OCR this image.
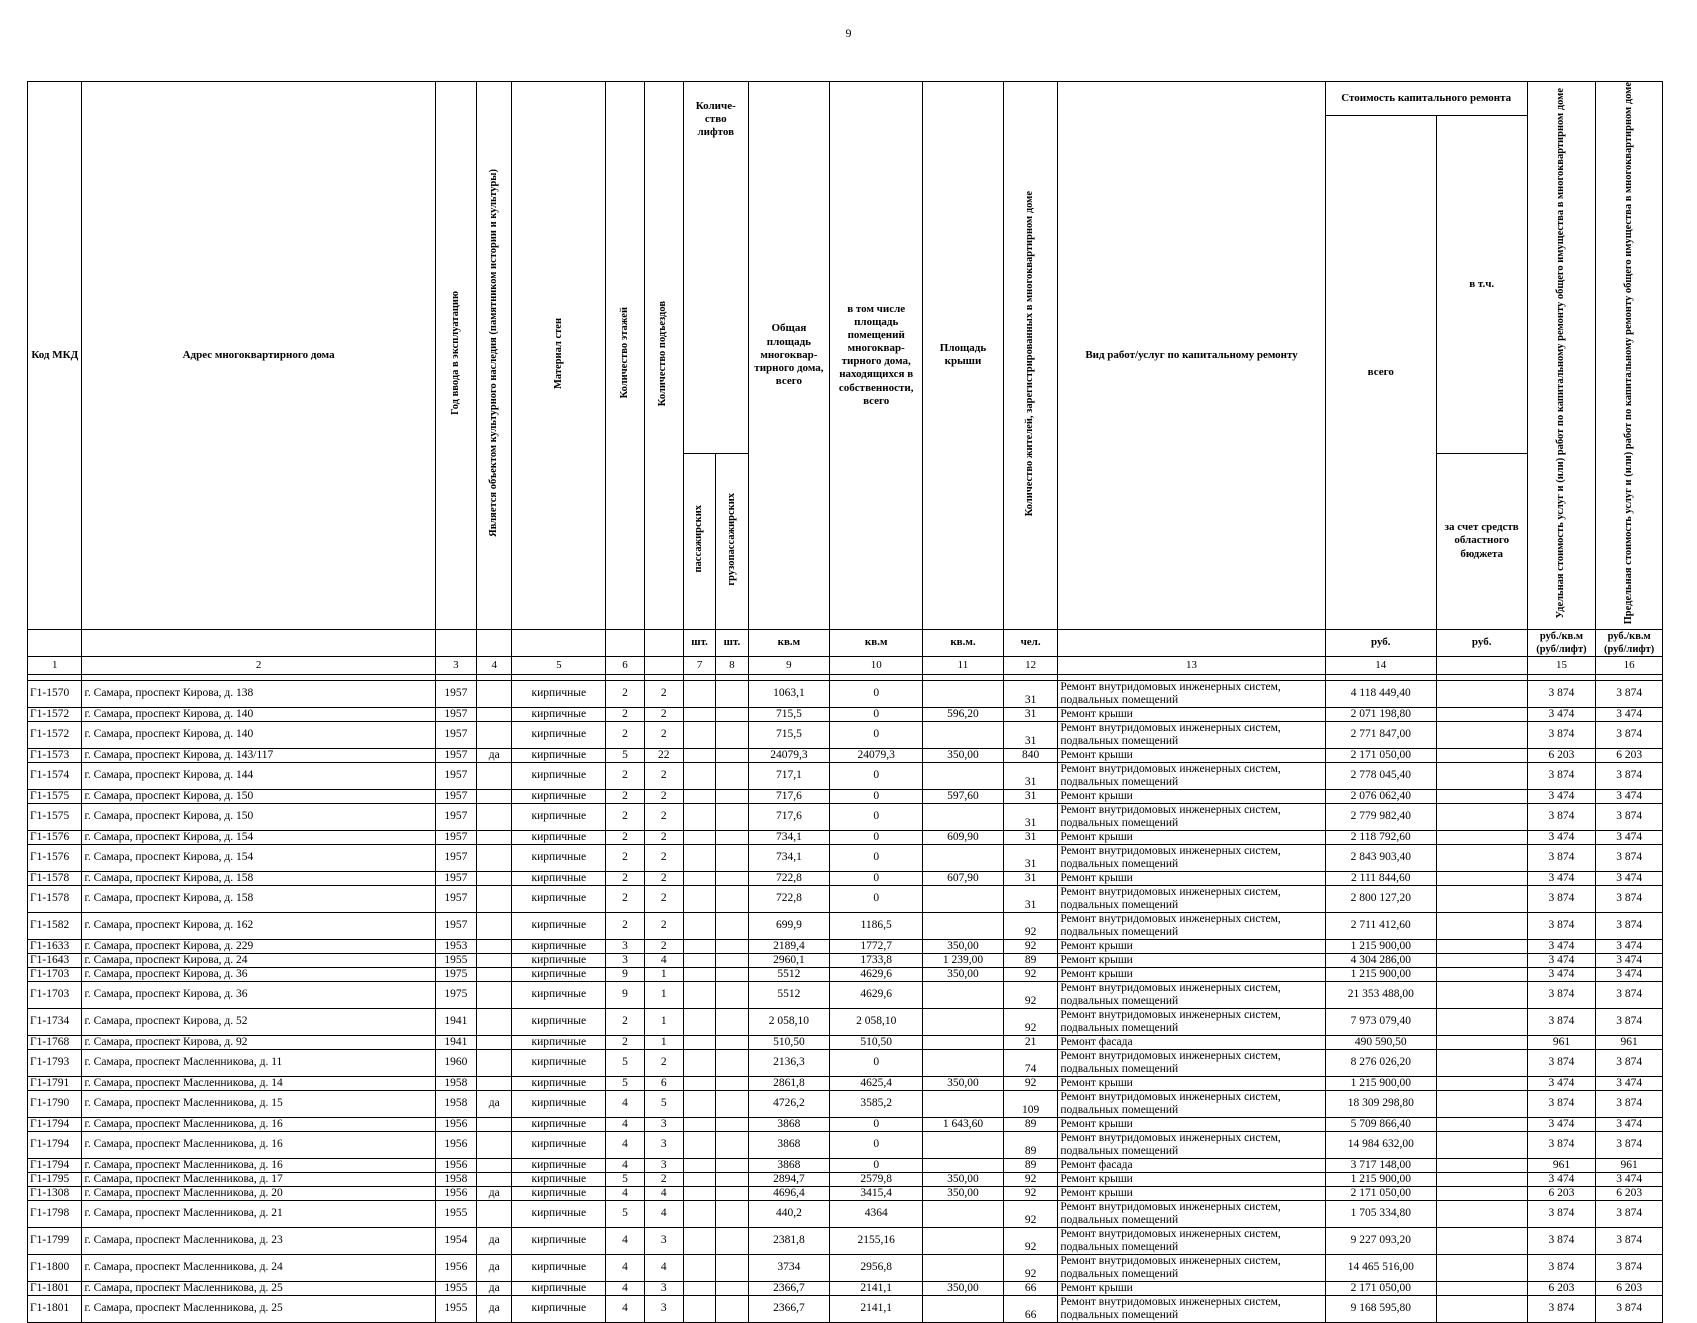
9
Код МКД	Адрес многоквартирного дома	Год ввода в эксплуатацию	Является объектом культурного наследия (памятником истории и культуры)	Материал стен	Количество этажей	Количество подъездов	Количе-ство лифтов		Общая площадь многоквар-тирного дома, всего	в том числе площадь помещений многоквар-тирного дома, находящихся в собственности, всего	Площадь крыши	Количество жителей, зарегистрированных в многоквартирном доме	Вид работ/услуг по капитальному ремонту	Стоимость капитального ремонта		Удельная стоимость услуг и (или) работ по капитальному ремонту общего имущества в многоквартирном доме	Предельная стоимость услуг и (или) работ по капитальному ремонту общего имущества в многоквартирном доме
														всего	в т.ч.		
							пассажирских	грузопассажирских							за счет средств областного бюджета		
							шт.	шт.	кв.м	кв.м	кв.м.	чел.		руб.	руб.	руб./кв.м (руб/лифт)	руб./кв.м (руб/лифт)
1	2	3	4	5	6		7	8	9	10	11	12	13	14		15	16

Г1-1570	г. Самара, проспект Кирова, д. 138	1957		кирпичные	2	2			1063,1	0		31	Ремонт внутридомовых инженерных систем, подвальных помещений	4 118 449,40		3 874	3 874
Г1-1572	г. Самара, проспект Кирова, д. 140	1957		кирпичные	2	2			715,5	0	596,20	31	Ремонт крыши	2 071 198,80		3 474	3 474
Г1-1572	г. Самара, проспект Кирова, д. 140	1957		кирпичные	2	2			715,5	0		31	Ремонт внутридомовых инженерных систем, подвальных помещений	2 771 847,00		3 874	3 874
Г1-1573	г. Самара, проспект Кирова, д. 143/117	1957	да	кирпичные	5	22			24079,3	24079,3	350,00	840	Ремонт крыши	2 171 050,00		6 203	6 203
Г1-1574	г. Самара, проспект Кирова, д. 144	1957		кирпичные	2	2			717,1	0		31	Ремонт внутридомовых инженерных систем, подвальных помещений	2 778 045,40		3 874	3 874
Г1-1575	г. Самара, проспект Кирова, д. 150	1957		кирпичные	2	2			717,6	0	597,60	31	Ремонт крыши	2 076 062,40		3 474	3 474
Г1-1575	г. Самара, проспект Кирова, д. 150	1957		кирпичные	2	2			717,6	0		31	Ремонт внутридомовых инженерных систем, подвальных помещений	2 779 982,40		3 874	3 874
Г1-1576	г. Самара, проспект Кирова, д. 154	1957		кирпичные	2	2			734,1	0	609,90	31	Ремонт крыши	2 118 792,60		3 474	3 474
Г1-1576	г. Самара, проспект Кирова, д. 154	1957		кирпичные	2	2			734,1	0		31	Ремонт внутридомовых инженерных систем, подвальных помещений	2 843 903,40		3 874	3 874
Г1-1578	г. Самара, проспект Кирова, д. 158	1957		кирпичные	2	2			722,8	0	607,90	31	Ремонт крыши	2 111 844,60		3 474	3 474
Г1-1578	г. Самара, проспект Кирова, д. 158	1957		кирпичные	2	2			722,8	0		31	Ремонт внутридомовых инженерных систем, подвальных помещений	2 800 127,20		3 874	3 874
Г1-1582	г. Самара, проспект Кирова, д. 162	1957		кирпичные	2	2			699,9	1186,5		92	Ремонт внутридомовых инженерных систем, подвальных помещений	2 711 412,60		3 874	3 874
Г1-1633	г. Самара, проспект Кирова, д. 229	1953		кирпичные	3	2			2189,4	1772,7	350,00	92	Ремонт крыши	1 215 900,00		3 474	3 474
Г1-1643	г. Самара, проспект Кирова, д. 24	1955		кирпичные	3	4			2960,1	1733,8	1 239,00	89	Ремонт крыши	4 304 286,00		3 474	3 474
Г1-1703	г. Самара, проспект Кирова, д. 36	1975		кирпичные	9	1			5512	4629,6	350,00	92	Ремонт крыши	1 215 900,00		3 474	3 474
Г1-1703	г. Самара, проспект Кирова, д. 36	1975		кирпичные	9	1			5512	4629,6		92	Ремонт внутридомовых инженерных систем, подвальных помещений	21 353 488,00		3 874	3 874
Г1-1734	г. Самара, проспект Кирова, д. 52	1941		кирпичные	2	1			2 058,10	2 058,10		92	Ремонт внутридомовых инженерных систем, подвальных помещений	7 973 079,40		3 874	3 874
Г1-1768	г. Самара, проспект Кирова, д. 92	1941		кирпичные	2	1			510,50	510,50		21	Ремонт фасада	490 590,50		961	961
Г1-1793	г. Самара, проспект Масленникова, д. 11	1960		кирпичные	5	2			2136,3	0		74	Ремонт внутридомовых инженерных систем, подвальных помещений	8 276 026,20		3 874	3 874
Г1-1791	г. Самара, проспект Масленникова, д. 14	1958		кирпичные	5	6			2861,8	4625,4	350,00	92	Ремонт крыши	1 215 900,00		3 474	3 474
Г1-1790	г. Самара, проспект Масленникова, д. 15	1958	да	кирпичные	4	5			4726,2	3585,2		109	Ремонт внутридомовых инженерных систем, подвальных помещений	18 309 298,80		3 874	3 874
Г1-1794	г. Самара, проспект Масленникова, д. 16	1956		кирпичные	4	3			3868	0	1 643,60	89	Ремонт крыши	5 709 866,40		3 474	3 474
Г1-1794	г. Самара, проспект Масленникова, д. 16	1956		кирпичные	4	3			3868	0		89	Ремонт внутридомовых инженерных систем, подвальных помещений	14 984 632,00		3 874	3 874
Г1-1794	г. Самара, проспект Масленникова, д. 16	1956		кирпичные	4	3			3868	0		89	Ремонт фасада	3 717 148,00		961	961
Г1-1795	г. Самара, проспект Масленникова, д. 17	1958		кирпичные	5	2			2894,7	2579,8	350,00	92	Ремонт крыши	1 215 900,00		3 474	3 474
Г1-1308	г. Самара, проспект Масленникова, д. 20	1956	да	кирпичные	4	4			4696,4	3415,4	350,00	92	Ремонт крыши	2 171 050,00		6 203	6 203
Г1-1798	г. Самара, проспект Масленникова, д. 21	1955		кирпичные	5	4			440,2	4364		92	Ремонт внутридомовых инженерных систем, подвальных помещений	1 705 334,80		3 874	3 874
Г1-1799	г. Самара, проспект Масленникова, д. 23	1954	да	кирпичные	4	3			2381,8	2155,16		92	Ремонт внутридомовых инженерных систем, подвальных помещений	9 227 093,20		3 874	3 874
Г1-1800	г. Самара, проспект Масленникова, д. 24	1956	да	кирпичные	4	4			3734	2956,8		92	Ремонт внутридомовых инженерных систем, подвальных помещений	14 465 516,00		3 874	3 874
Г1-1801	г. Самара, проспект Масленникова, д. 25	1955	да	кирпичные	4	3			2366,7	2141,1	350,00	66	Ремонт крыши	2 171 050,00		6 203	6 203
Г1-1801	г. Самара, проспект Масленникова, д. 25	1955	да	кирпичные	4	3			2366,7	2141,1		66	Ремонт внутридомовых инженерных систем, подвальных помещений	9 168 595,80		3 874	3 874
